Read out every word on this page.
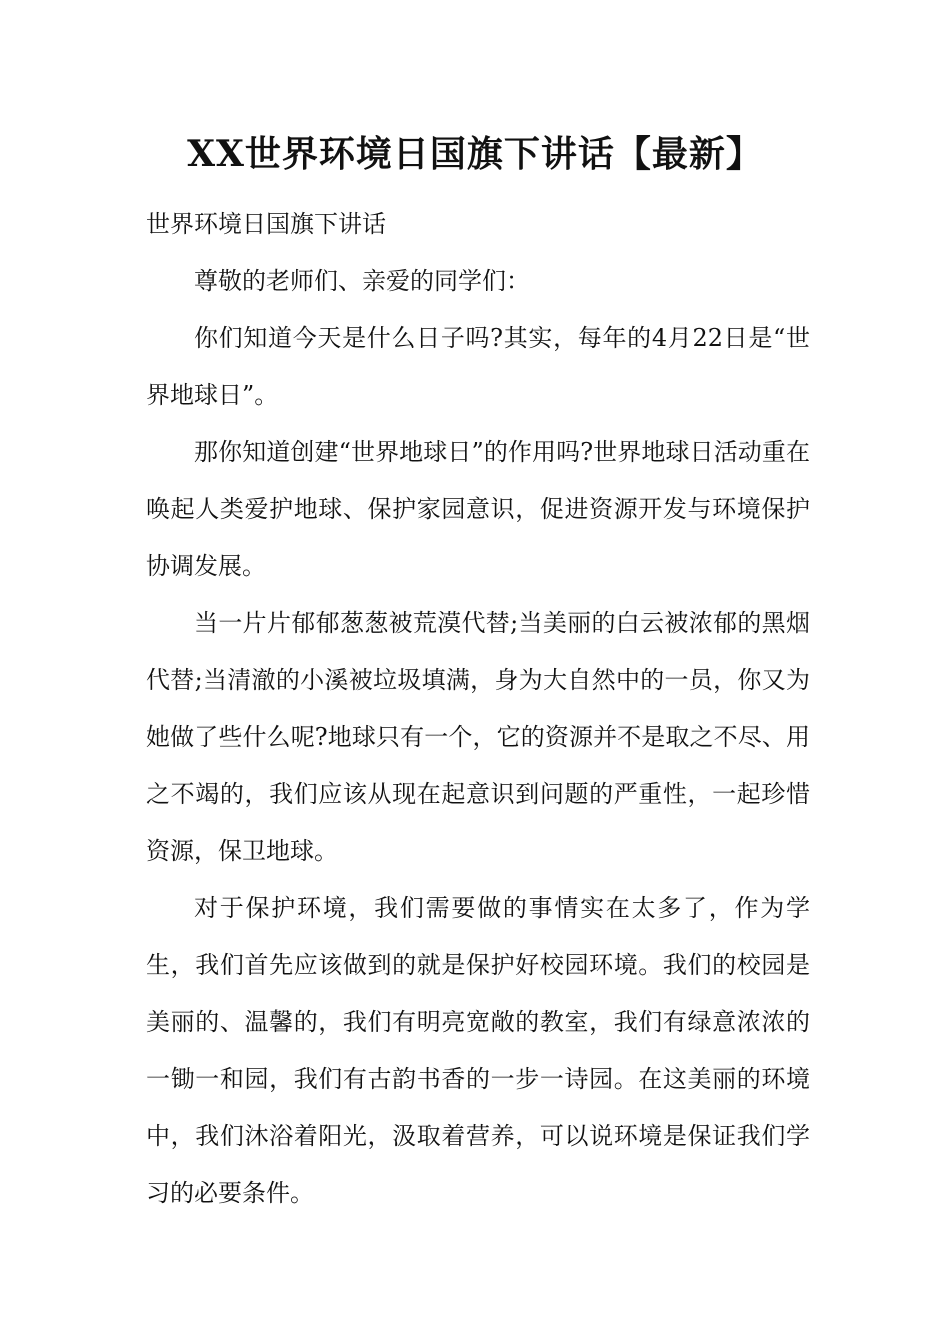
XX世界环境日国旗下讲话【最新】

世界环境日国旗下讲话

尊敬的老师们、亲爱的同学们：

你们知道今天是什么日子吗?其实，每年的4月22日是“世界地球日”。

那你知道创建“世界地球日”的作用吗?世界地球日活动重在唤起人类爱护地球、保护家园意识，促进资源开发与环境保护协调发展。

当一片片郁郁葱葱被荒漠代替;当美丽的白云被浓郁的黑烟代替;当清澈的小溪被垃圾填满，身为大自然中的一员，你又为她做了些什么呢?地球只有一个，它的资源并不是取之不尽、用之不竭的，我们应该从现在起意识到问题的严重性，一起珍惜资源，保卫地球。

对于保护环境，我们需要做的事情实在太多了，作为学生，我们首先应该做到的就是保护好校园环境。我们的校园是美丽的、温馨的，我们有明亮宽敞的教室，我们有绿意浓浓的一锄一和园，我们有古韵书香的一步一诗园。在这美丽的环境中，我们沐浴着阳光，汲取着营养，可以说环境是保证我们学习的必要条件。
